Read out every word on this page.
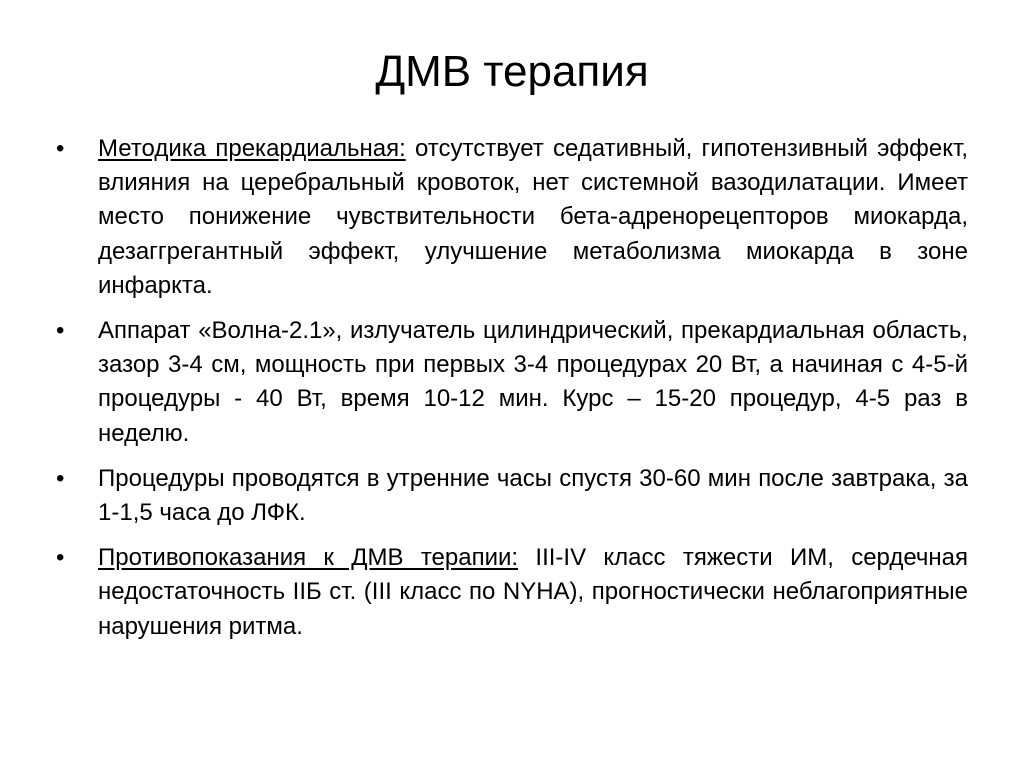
ДМВ терапия
•	Методика прекардиальная: отсутствует седативный, гипотензивный эффект, влияния на церебральный кровоток, нет системной вазодилатации. Имеет место понижение чувствительности бета-адренорецепторов миокарда, дезаггрегантный эффект, улучшение метаболизма миокарда в зоне инфаркта.
•	Аппарат «Волна-2.1», излучатель цилиндрический, прекардиальная область, зазор 3-4 см, мощность при первых 3-4 процедурах 20 Вт, а начиная с 4-5-й процедуры - 40 Вт, время 10-12 мин. Курс – 15-20 процедур, 4-5 раз в неделю.
•	Процедуры проводятся в утренние часы спустя 30-60 мин после завтрака, за 1-1,5 часа до ЛФК.
•	Противопоказания к ДМВ терапии: III-IV класс тяжести ИМ, сердечная недостаточность IIБ ст. (III класс по NYHA), прогностически неблагоприятные нарушения ритма.
